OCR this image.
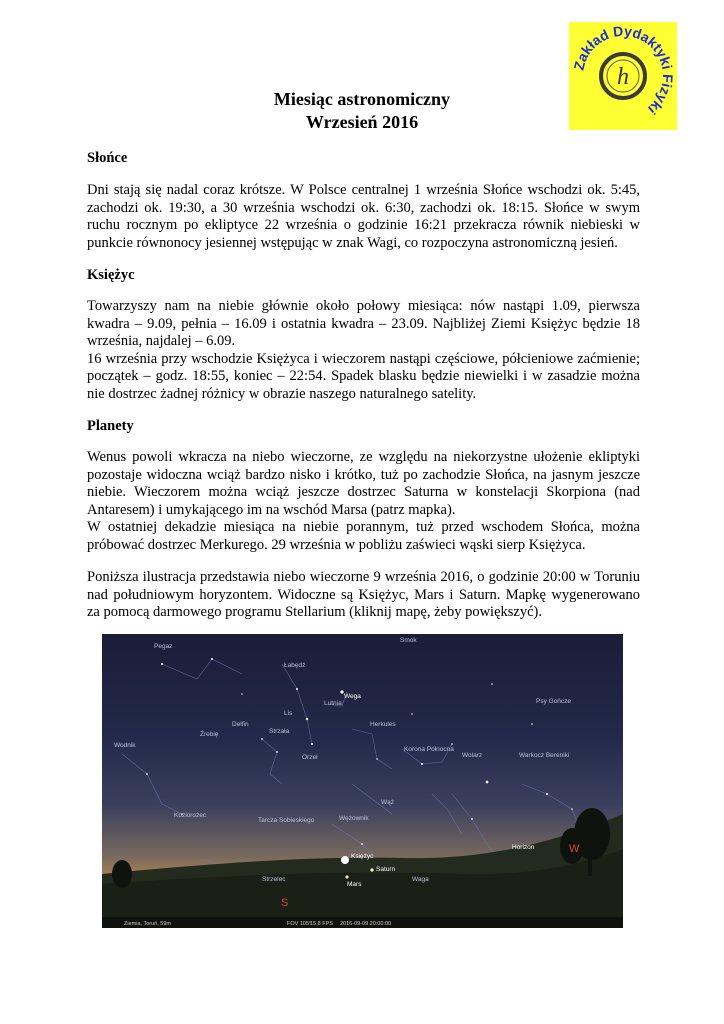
h
Zakład Dydaktyki Fizyki
Miesiąc astronomiczny
Wrzesień 2016
Słońce
Dni stają się nadal coraz krótsze. W Polsce centralnej 1 września Słońce wschodzi ok. 5:45,
zachodzi ok. 19:30, a 30 września wschodzi ok. 6:30, zachodzi ok. 18:15. Słońce w swym
ruchu rocznym po ekliptyce 22 września o godzinie 16:21 przekracza równik niebieski w
punkcie równonocy jesiennej wstępując w znak Wagi, co rozpoczyna astronomiczną jesień.
Księżyc
Towarzyszy nam na niebie głównie około połowy miesiąca: nów nastąpi 1.09, pierwsza
kwadra – 9.09, pełnia – 16.09 i ostatnia kwadra – 23.09. Najbliżej Ziemi Księżyc będzie 18
września, najdalej – 6.09.
16 września przy wschodzie Księżyca i wieczorem nastąpi częściowe, półcieniowe zaćmienie;
początek – godz. 18:55, koniec – 22:54. Spadek blasku będzie niewielki i w zasadzie można
nie dostrzec żadnej różnicy w obrazie naszego naturalnego satelity.
Planety
Wenus powoli wkracza na niebo wieczorne, ze względu na niekorzystne ułożenie ekliptyki
pozostaje widoczna wciąż bardzo nisko i krótko, tuż po zachodzie Słońca, na jasnym jeszcze
niebie. Wieczorem można wciąż jeszcze dostrzec Saturna w konstelacji Skorpiona (nad
Antaresem) i umykającego im na wschód Marsa (patrz mapka).
W ostatniej dekadzie miesiąca na niebie porannym, tuż przed wschodem Słońca, można
próbować dostrzec Merkurego. 29 września w pobliżu zaświeci wąski sierp Księżyca.
Poniższa ilustracja przedstawia niebo wieczorne 9 września 2016, o godzinie 20:00 w Toruniu
nad południowym horyzontem. Widoczne są Księżyc, Mars i Saturn. Mapkę wygenerowano
za pomocą darmowego programu Stellarium (kliknij mapę, żeby powiększyć).
Pegaz
Łabędź
Lutnia
Wega
Orzeł
Lis
Delfin
Źrebię	Strzała
Herkules
Wodnik
Koziorożec
Tarcza Sobieskiego	Wężownik
Wąż
Korona Północna
Wolarz	Warkocz Bereniki
Psy Gończe
Smok
Strzelec	Waga
Księżyc
Mars
Saturn
Horizon
S
W
Ziemia, Toruń, 59m	FOV 105°
15.8 FPS 2016-09-09 20:00:00
